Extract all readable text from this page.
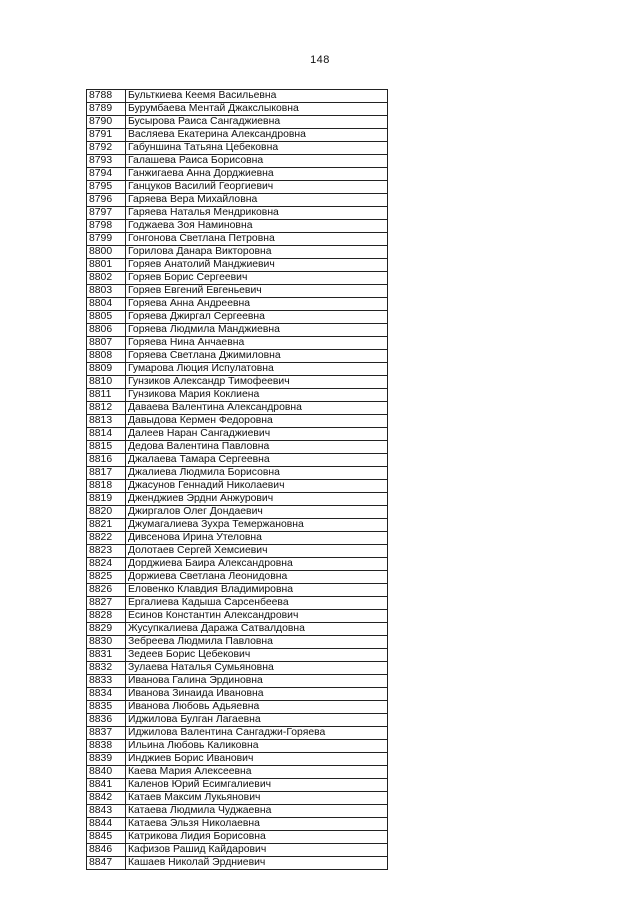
148
8788	Бульткиева Кеемя Васильевна
8789	Бурумбаева Ментай Джакслыковна
8790	Бусырова Раиса Сангаджиевна
8791	Васляева Екатерина Александровна
8792	Габуншина Татьяна Цебековна
8793	Галашева Раиса Борисовна
8794	Ганжигаева Анна Дорджиевна
8795	Ганцуков Василий Георгиевич
8796	Гаряева Вера Михайловна
8797	Гаряева Наталья Мендриковна
8798	Годжаева Зоя Наминовна
8799	Гонгонова Светлана Петровна
8800	Горилова Данара Викторовна
8801	Горяев Анатолий Манджиевич
8802	Горяев Борис Сергеевич
8803	Горяев Евгений Евгеньевич
8804	Горяева Анна Андреевна
8805	Горяева Джиргал Сергеевна
8806	Горяева Людмила Манджиевна
8807	Горяева Нина Анчаевна
8808	Горяева Светлана Джимиловна
8809	Гумарова Люция Испулатовна
8810	Гунзиков Александр Тимофеевич
8811	Гунзикова Мария Коклиена
8812	Даваева Валентина Александровна
8813	Давыдова Кермен Федоровна
8814	Далеев Наран Сангаджиевич
8815	Дедова Валентина Павловна
8816	Джалаева Тамара Сергеевна
8817	Джалиева Людмила Борисовна
8818	Джасунов Геннадий Николаевич
8819	Дженджиев Эрдни Анжурович
8820	Джиргалов Олег Дондаевич
8821	Джумагалиева Зухра Темержановна
8822	Дивсенова Ирина Утеловна
8823	Долотаев Сергей Хемсиевич
8824	Дорджиева Баира Александровна
8825	Доржиева Светлана Леонидовна
8826	Еловенко Клавдия Владимировна
8827	Ергалиева Кадыша Сарсенбеева
8828	Есинов Константин Александрович
8829	Жусупкалиева Даража Сатвалдовна
8830	Зебреева Людмила Павловна
8831	Зедеев Борис Цебекович
8832	Зулаева Наталья Сумьяновна
8833	Иванова Галина Эрдиновна
8834	Иванова Зинаида Ивановна
8835	Иванова Любовь Адьяевна
8836	Иджилова Булган Лагаевна
8837	Иджилова Валентина Сангаджи-Горяева
8838	Ильина Любовь Каликовна
8839	Инджиев Борис Иванович
8840	Каева Мария Алексеевна
8841	Каленов Юрий Есимгалиевич
8842	Катаев Максим Лукьянович
8843	Катаева Людмила Чуджаевна
8844	Катаева Эльзя Николаевна
8845	Катрикова Лидия Борисовна
8846	Кафизов Рашид Кайдарович
8847	Кашаев Николай Эрдниевич
